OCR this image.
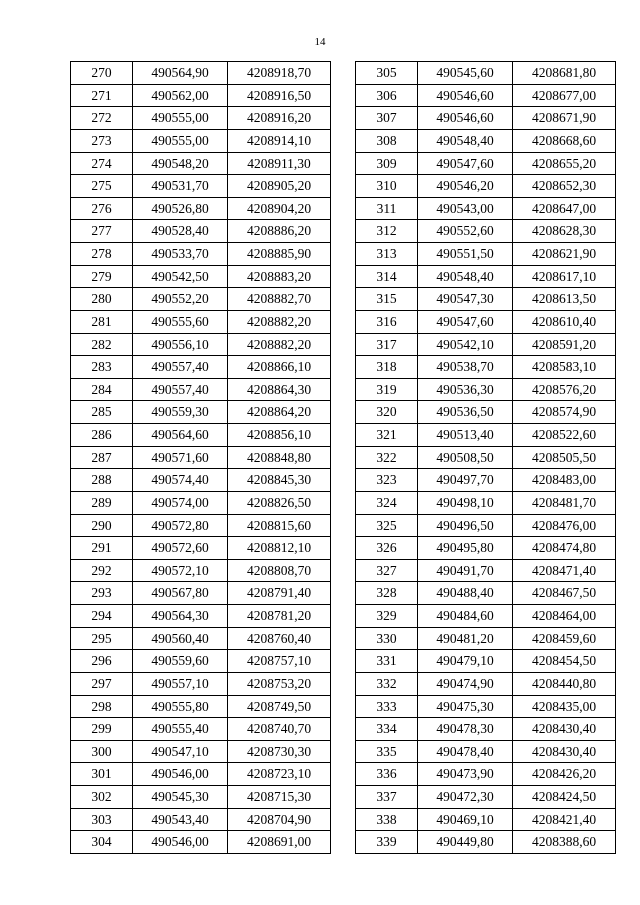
14
270	490564,90	4208918,70
271	490562,00	4208916,50
272	490555,00	4208916,20
273	490555,00	4208914,10
274	490548,20	4208911,30
275	490531,70	4208905,20
276	490526,80	4208904,20
277	490528,40	4208886,20
278	490533,70	4208885,90
279	490542,50	4208883,20
280	490552,20	4208882,70
281	490555,60	4208882,20
282	490556,10	4208882,20
283	490557,40	4208866,10
284	490557,40	4208864,30
285	490559,30	4208864,20
286	490564,60	4208856,10
287	490571,60	4208848,80
288	490574,40	4208845,30
289	490574,00	4208826,50
290	490572,80	4208815,60
291	490572,60	4208812,10
292	490572,10	4208808,70
293	490567,80	4208791,40
294	490564,30	4208781,20
295	490560,40	4208760,40
296	490559,60	4208757,10
297	490557,10	4208753,20
298	490555,80	4208749,50
299	490555,40	4208740,70
300	490547,10	4208730,30
301	490546,00	4208723,10
302	490545,30	4208715,30
303	490543,40	4208704,90
304	490546,00	4208691,00
305	490545,60	4208681,80
306	490546,60	4208677,00
307	490546,60	4208671,90
308	490548,40	4208668,60
309	490547,60	4208655,20
310	490546,20	4208652,30
311	490543,00	4208647,00
312	490552,60	4208628,30
313	490551,50	4208621,90
314	490548,40	4208617,10
315	490547,30	4208613,50
316	490547,60	4208610,40
317	490542,10	4208591,20
318	490538,70	4208583,10
319	490536,30	4208576,20
320	490536,50	4208574,90
321	490513,40	4208522,60
322	490508,50	4208505,50
323	490497,70	4208483,00
324	490498,10	4208481,70
325	490496,50	4208476,00
326	490495,80	4208474,80
327	490491,70	4208471,40
328	490488,40	4208467,50
329	490484,60	4208464,00
330	490481,20	4208459,60
331	490479,10	4208454,50
332	490474,90	4208440,80
333	490475,30	4208435,00
334	490478,30	4208430,40
335	490478,40	4208430,40
336	490473,90	4208426,20
337	490472,30	4208424,50
338	490469,10	4208421,40
339	490449,80	4208388,60
